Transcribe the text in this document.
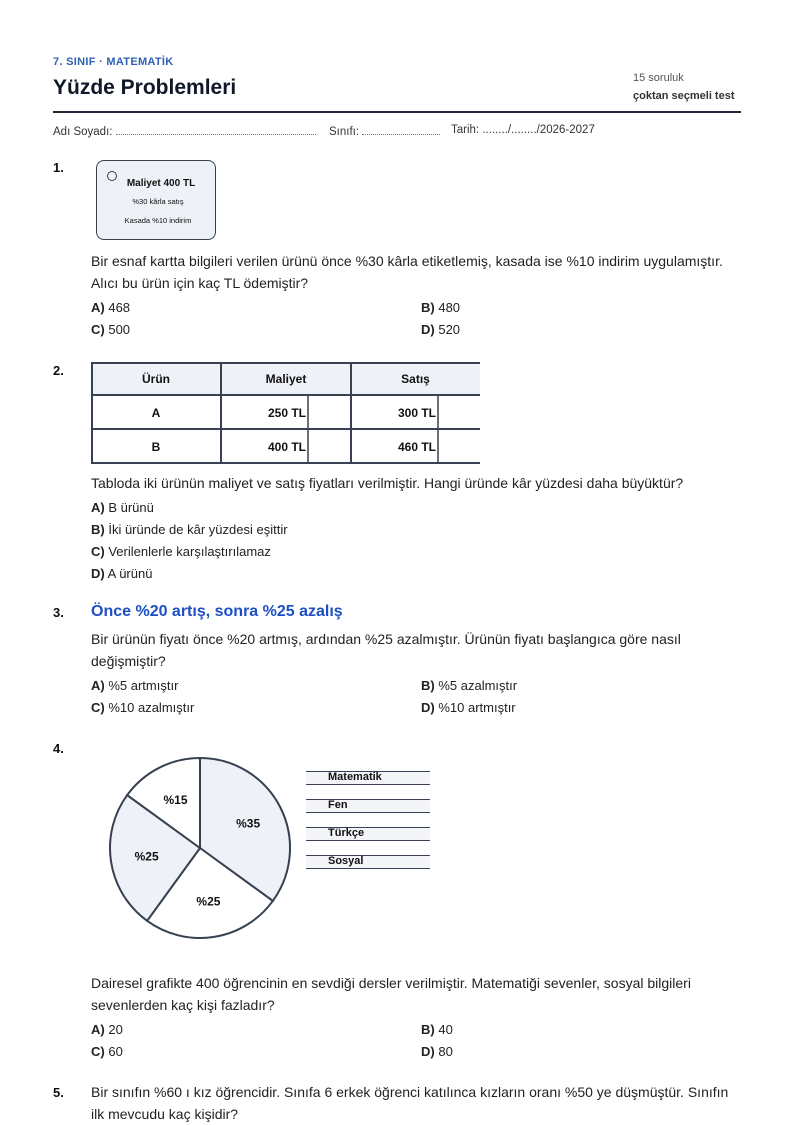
7. SINIF · MATEMATİK
Yüzde Problemleri	15 soruluk
çoktan seçmeli test
Adı Soyadı:	Sınıfı:	Tarih: ......../......../2026-2027
1.
Maliyet 400 TL
%30 kârla satış
Kasada %10 indirim
Bir esnaf kartta bilgileri verilen ürünü önce %30 kârla etiketlemiş, kasada ise %10 indirim uygulamıştır. Alıcı bu ürün için kaç TL ödemiştir?
A) 468	B) 480
C) 500	D) 520
2.
Ürün	Maliyet	Satış
A	250 TL	300 TL
B	400 TL	460 TL
Tabloda iki ürünün maliyet ve satış fiyatları verilmiştir. Hangi üründe kâr yüzdesi daha büyüktür?
A) B ürünü
B) İki üründe de kâr yüzdesi eşittir
C) Verilenlerle karşılaştırılamaz
D) A ürünü
3. Önce %20 artış, sonra %25 azalış
Bir ürünün fiyatı önce %20 artmış, ardından %25 azalmıştır. Ürünün fiyatı başlangıca göre nasıl değişmiştir?
A) %5 artmıştır	B) %5 azalmıştır
C) %10 azalmıştır	D) %10 artmıştır
4.
%35
%25
%25
%15
Matematik
Fen
Türkçe
Sosyal
Dairesel grafikte 400 öğrencinin en sevdiği dersler verilmiştir. Matematiği sevenler, sosyal bilgileri sevenlerden kaç kişi fazladır?
A) 20	B) 40
C) 60	D) 80
5. Bir sınıfın %60 ı kız öğrencidir. Sınıfa 6 erkek öğrenci katılınca kızların oranı %50 ye düşmüştür. Sınıfın ilk mevcudu kaç kişidir?
